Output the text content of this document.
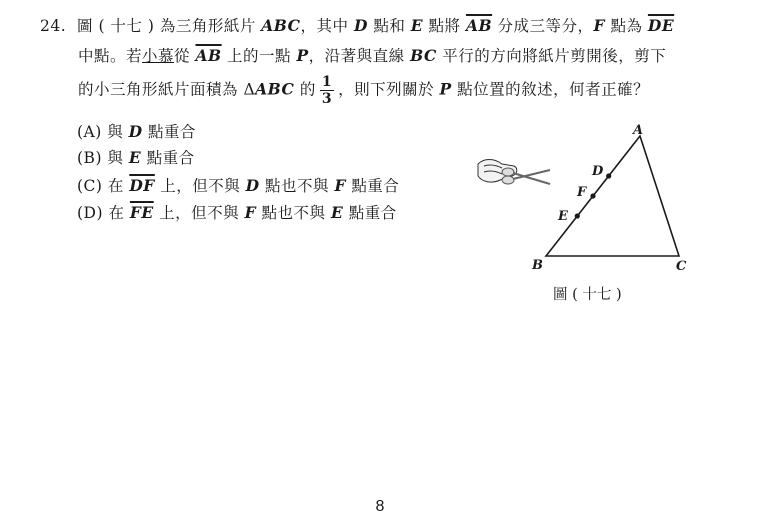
24. 圖 ( 十七 ) 為三角形紙片 ABC，其中 D 點和 E 點將 $\overline{AB}$ 分成三等分，F 點為 $\overline{DE}$
中點。若小慕從 $\overline{AB}$ 上的一點 P，沿著與直線 BC 平行的方向將紙片剪開後，剪下
的小三角形紙片面積為 ΔABC 的 $\frac{1}{3}$ ，則下列關於 P 點位置的敘述，何者正確？
(A) 與 D 點重合
(B) 與 E 點重合
(C) 在 $\overline{DF}$ 上，但不與 D 點也不與 F 點重合
(D) 在 $\overline{FE}$ 上，但不與 F 點也不與 E 點重合
A
D
F
E
B	C
圖 ( 十七 )
8
